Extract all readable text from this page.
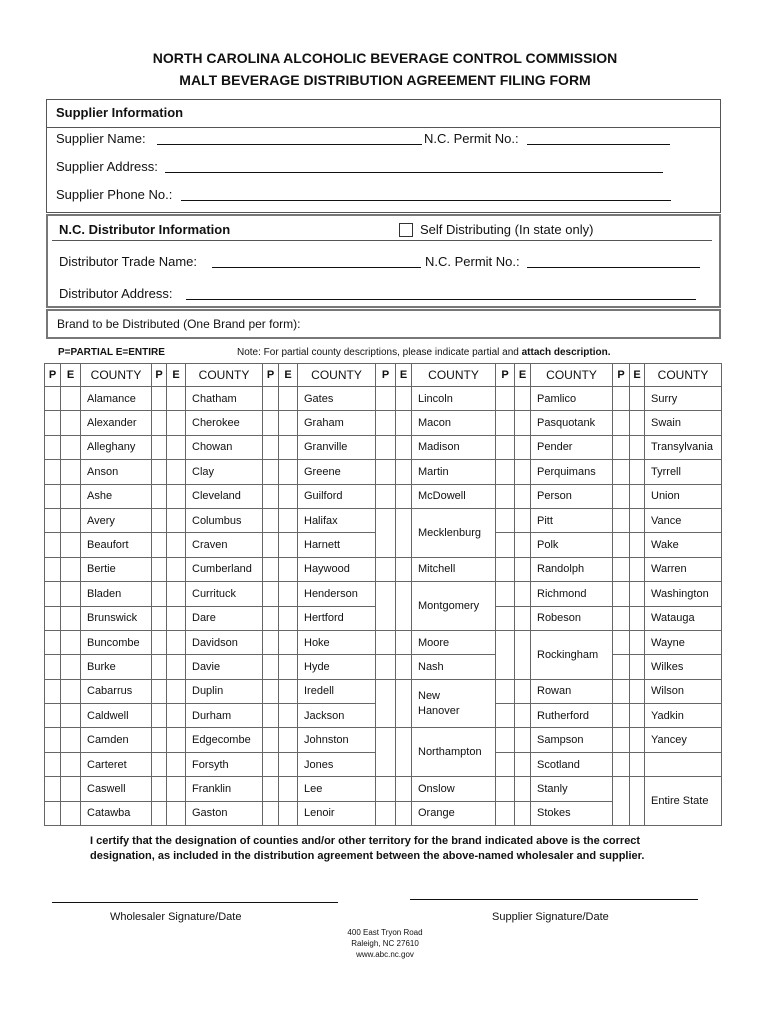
NORTH CAROLINA ALCOHOLIC BEVERAGE CONTROL COMMISSION
MALT BEVERAGE DISTRIBUTION AGREEMENT FILING FORM
Supplier Information
Supplier Name:	N.C. Permit No.:
Supplier Address:
Supplier Phone No.:
N.C. Distributor Information	Self Distributing (In state only)
Distributor Trade Name:	N.C. Permit No.:
Distributor Address:
Brand to be Distributed (One Brand per form):
P=PARTIAL E=ENTIRE	Note: For partial county descriptions, please indicate partial and attach description.
P	E	COUNTY	P	E	COUNTY	P	E	COUNTY	P	E	COUNTY	P	E	COUNTY	P	E	COUNTY
		Alamance			Chatham			Gates			Lincoln			Pamlico			Surry
		Alexander			Cherokee			Graham			Macon			Pasquotank			Swain
		Alleghany			Chowan			Granville			Madison			Pender			Transylvania
		Anson			Clay			Greene			Martin			Perquimans			Tyrrell
		Ashe			Cleveland			Guilford			McDowell			Person			Union
		Avery			Columbus			Halifax			Mecklenburg			Pitt			Vance
		Beaufort			Craven			Harnett						Polk			Wake
		Bertie			Cumberland			Haywood			Mitchell			Randolph			Warren
		Bladen			Currituck			Henderson			Montgomery			Richmond			Washington
		Brunswick			Dare			Hertford						Robeson			Watauga
		Buncombe			Davidson			Hoke			Moore			Rockingham			Wayne
		Burke			Davie			Hyde			Nash						Wilkes
		Cabarrus			Duplin			Iredell			New
Hanover			Rowan			Wilson
		Caldwell			Durham			Jackson						Rutherford			Yadkin
		Camden			Edgecombe			Johnston			Northampton			Sampson			Yancey
		Carteret			Forsyth			Jones						Scotland			
		Caswell			Franklin			Lee			Onslow			Stanly			Entire State
		Catawba			Gaston			Lenoir			Orange			Stokes			
I certify that the designation of counties and/or other territory for the brand indicated above is the correct designation, as included in the distribution agreement between the above-named wholesaler and supplier.
Wholesaler Signature/Date	Supplier Signature/Date
400 East Tryon Road
Raleigh, NC 27610
www.abc.nc.gov
